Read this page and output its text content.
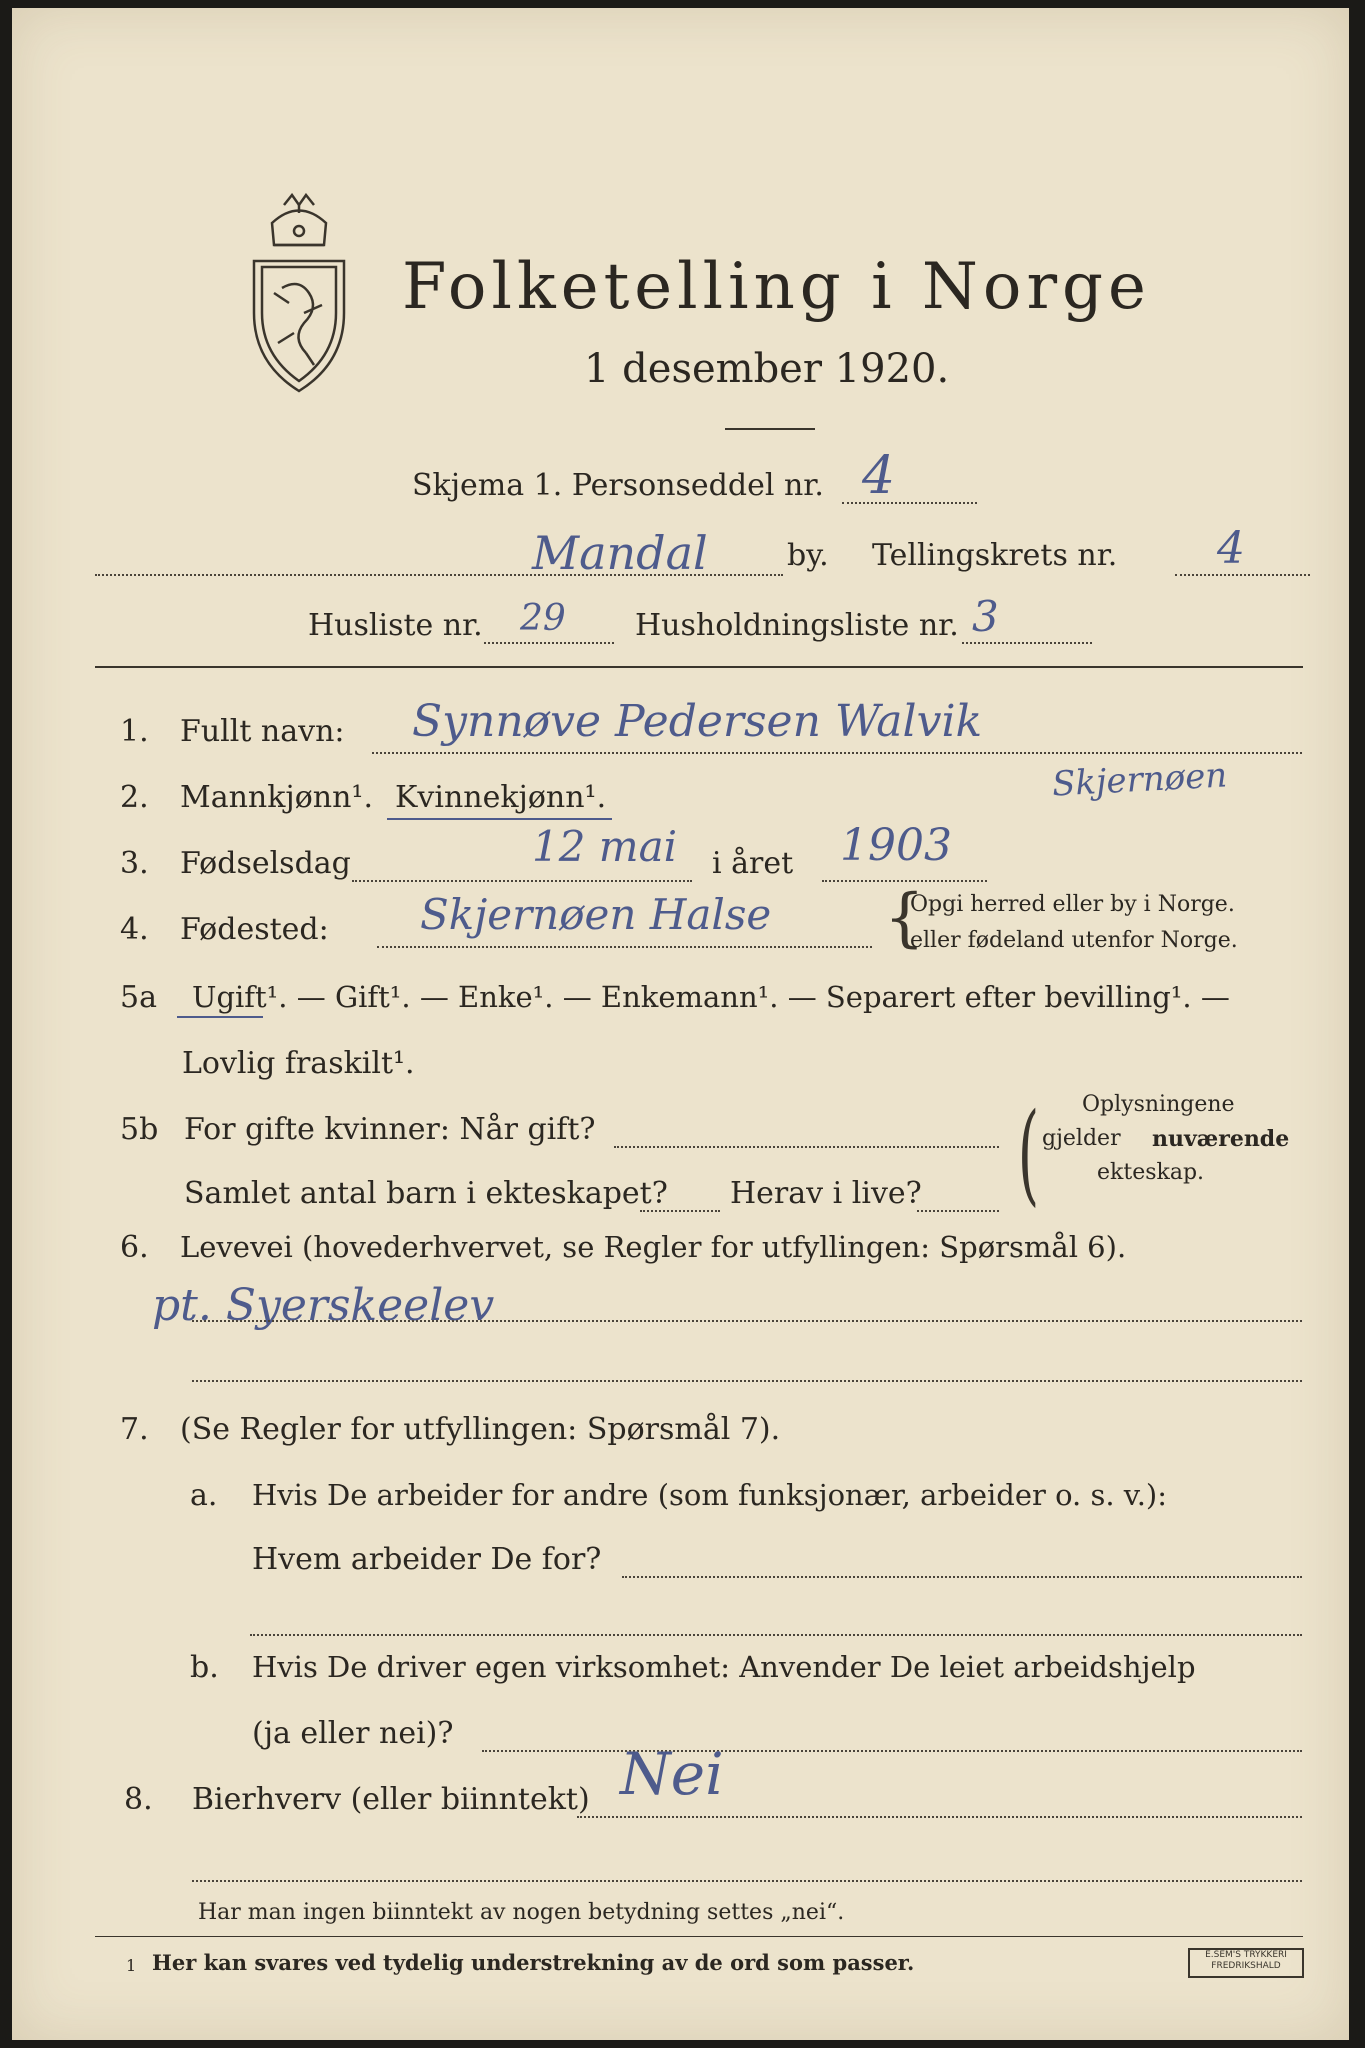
Folketelling i Norge
1 desember 1920.
Skjema 1. Personseddel nr. 4
Mandal	by. Tellingskrets nr. 4
Husliste nr. 29 Husholdningsliste nr. 3
1. Fullt navn: Synnøve Pedersen Walvik
Skjernøen
2. Mannkjønn¹. Kvinnekjønn¹.
3. Fødselsdag	12 mai i året 1903
4. Fødested: Skjernøen Halse {
Opgi herred eller by i Norge.
eller fødeland utenfor Norge.
5a Ugift¹. — Gift¹. — Enke¹. — Enkemann¹. — Separert efter bevilling¹. —
Lovlig fraskilt¹.
5b For gifte kvinner: Når gift?
Samlet antal barn i ekteskapet? Herav i live? ( Oplysningene
gjelder nuværende
ekteskap.
6. Levevei (hovederhvervet, se Regler for utfyllingen: Spørsmål 6).
pt. Syerskeelev
7. (Se Regler for utfyllingen: Spørsmål 7).
a. Hvis De arbeider for andre (som funksjonær, arbeider o. s. v.):
Hvem arbeider De for?
b. Hvis De driver egen virksomhet: Anvender De leiet arbeidshjelp
(ja eller nei)?
8. Bierhverv (eller biinntekt) Nei
Har man ingen biinntekt av nogen betydning settes „nei“.
1 Her kan svares ved tydelig understrekning av de ord som passer.	E.SEM'S TRYKKERI
FREDRIKSHALD
